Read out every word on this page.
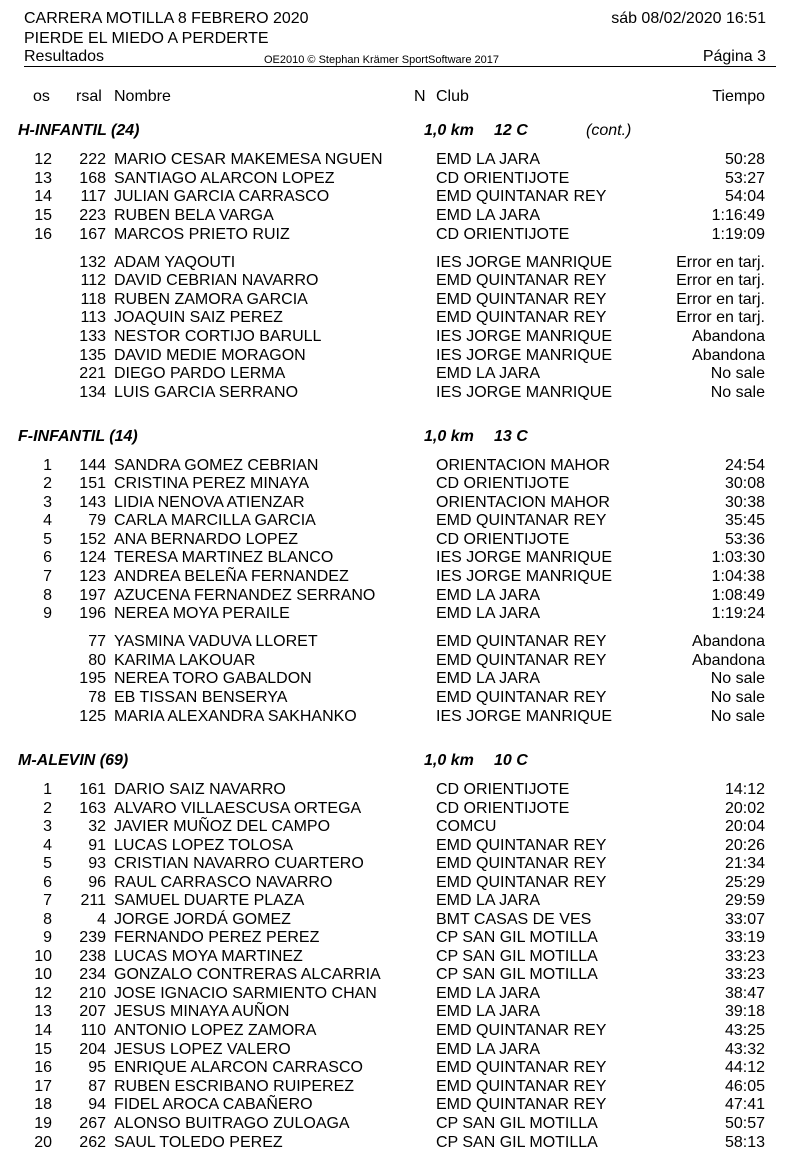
CARRERA MOTILLA 8 FEBRERO 2020
PIERDE EL MIEDO A PERDERTE
Resultados	OE2010 © Stephan Krämer SportSoftware 2017
sáb 08/02/2020 16:51
Página 3
os rsal Nombre	N Club	Tiempo
H-INFANTIL (24)	1,0 km 12 C	(cont.)
12	222 MARIO CESAR MAKEMESA NGUEN	EMD LA JARA	50:28
13	168 SANTIAGO ALARCON LOPEZ	CD ORIENTIJOTE	53:27
14	117 JULIAN GARCIA CARRASCO	EMD QUINTANAR REY	54:04
15	223 RUBEN BELA VARGA	EMD LA JARA	1:16:49
16	167 MARCOS PRIETO RUIZ	CD ORIENTIJOTE	1:19:09
132 ADAM YAQOUTI	IES JORGE MANRIQUE	Error en tarj.
112 DAVID CEBRIAN NAVARRO	EMD QUINTANAR REY	Error en tarj.
118 RUBEN ZAMORA GARCIA	EMD QUINTANAR REY	Error en tarj.
113 JOAQUIN SAIZ PEREZ	EMD QUINTANAR REY	Error en tarj.
133 NESTOR CORTIJO BARULL	IES JORGE MANRIQUE	Abandona
135 DAVID MEDIE MORAGON	IES JORGE MANRIQUE	Abandona
221 DIEGO PARDO LERMA	EMD LA JARA	No sale
134 LUIS GARCIA SERRANO	IES JORGE MANRIQUE	No sale
F-INFANTIL (14)	1,0 km 13 C
1	144 SANDRA GOMEZ CEBRIAN	ORIENTACION MAHOR	24:54
2	151 CRISTINA PEREZ MINAYA	CD ORIENTIJOTE	30:08
3	143 LIDIA NENOVA ATIENZAR	ORIENTACION MAHOR	30:38
4	79 CARLA MARCILLA GARCIA	EMD QUINTANAR REY	35:45
5	152 ANA BERNARDO LOPEZ	CD ORIENTIJOTE	53:36
6	124 TERESA MARTINEZ BLANCO	IES JORGE MANRIQUE	1:03:30
7	123 ANDREA BELEÑA FERNANDEZ	IES JORGE MANRIQUE	1:04:38
8	197 AZUCENA FERNANDEZ SERRANO	EMD LA JARA	1:08:49
9	196 NEREA MOYA PERAILE	EMD LA JARA	1:19:24
77 YASMINA VADUVA LLORET	EMD QUINTANAR REY	Abandona
80 KARIMA LAKOUAR	EMD QUINTANAR REY	Abandona
195 NEREA TORO GABALDON	EMD LA JARA	No sale
78 EB TISSAN BENSERYA	EMD QUINTANAR REY	No sale
125 MARIA ALEXANDRA SAKHANKO	IES JORGE MANRIQUE	No sale
M-ALEVIN (69)	1,0 km 10 C
1	161 DARIO SAIZ NAVARRO	CD ORIENTIJOTE	14:12
2	163 ALVARO VILLAESCUSA ORTEGA	CD ORIENTIJOTE	20:02
3	32 JAVIER MUÑOZ DEL CAMPO	COMCU	20:04
4	91 LUCAS LOPEZ TOLOSA	EMD QUINTANAR REY	20:26
5	93 CRISTIAN NAVARRO CUARTERO	EMD QUINTANAR REY	21:34
6	96 RAUL CARRASCO NAVARRO	EMD QUINTANAR REY	25:29
7	211 SAMUEL DUARTE PLAZA	EMD LA JARA	29:59
8	4 JORGE JORDÁ GOMEZ	BMT CASAS DE VES	33:07
9	239 FERNANDO PEREZ PEREZ	CP SAN GIL MOTILLA	33:19
10	238 LUCAS MOYA MARTINEZ	CP SAN GIL MOTILLA	33:23
10	234 GONZALO CONTRERAS ALCARRIA	CP SAN GIL MOTILLA	33:23
12	210 JOSE IGNACIO SARMIENTO CHAN	EMD LA JARA	38:47
13	207 JESUS MINAYA AUÑON	EMD LA JARA	39:18
14	110 ANTONIO LOPEZ ZAMORA	EMD QUINTANAR REY	43:25
15	204 JESUS LOPEZ VALERO	EMD LA JARA	43:32
16	95 ENRIQUE ALARCON CARRASCO	EMD QUINTANAR REY	44:12
17	87 RUBEN ESCRIBANO RUIPEREZ	EMD QUINTANAR REY	46:05
18	94 FIDEL AROCA CABAÑERO	EMD QUINTANAR REY	47:41
19	267 ALONSO BUITRAGO ZULOAGA	CP SAN GIL MOTILLA	50:57
20	262 SAUL TOLEDO PEREZ	CP SAN GIL MOTILLA	58:13
